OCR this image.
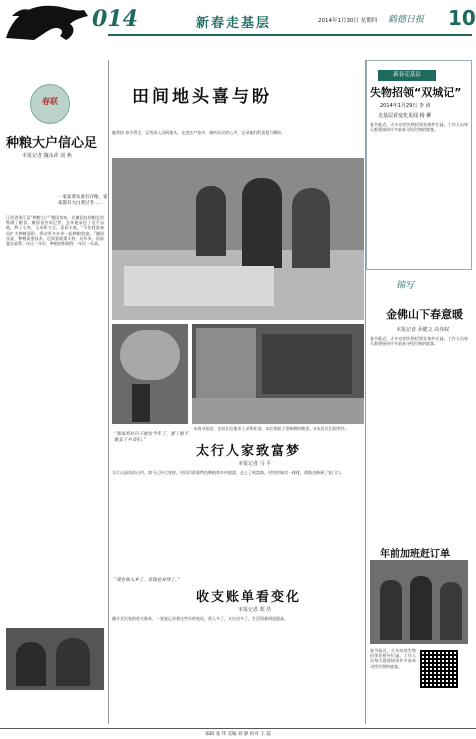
014	新春走基层	2014年1月30日 星期四 鹤德日报 10
春联
种粮大户信心足
本报记者 魏永祥 刘 燕
一家家菜农备有存粮，家家都有大白菜过冬……
江西省余江县“种粮大户”谢国良家，在谢国良的粮仓里堆满了粮食。谢国良告诉记者，去年他承包了近千亩地，种了小麦、玉米和大豆，喜获丰收。“今年我准备再扩大种植面积，带动更多乡亲一起种粮致富。”谢国良说，种粮需要技术，也需要政策支持。近年来，国家惠农政策一年比一年好，种粮的积极性一年比一年高。
田间地头喜与盼
编者按 春节将至，记者深入田间地头，走进农户家中，倾听农民的心声，记录他们的喜悦与期盼。
①春节临近，农民们在集市上采购年货。②农家院子里晾晒的粮食。③农民在田间劳作。
“我家有好日子就在今年了，富了就不能忘了乡亲们。”
太行人家致富梦
本报记者 马 平
太行山深处的山村，如今已经大变样。村民们依靠特色种植和乡村旅游，走上了致富路。村里的新房一排排，道路也修到了家门口。
“现在收入多了，花钱也舍得了。”
收支账单看变化
本报记者 郑 浩
翻开农民家的收支账本，一笔笔记录着这些年的变化。收入多了，支出也多了，生活质量明显提高。
新春走基层
失物招领“双城记”
2014年1月29日 李 涛
走基层看变化见闻 杨 柳
春节临近，火车站的失物招领处格外忙碌。工作人员每天都要接待许多前来寻找失物的旅客。
锦写
金佛山下春意暖
本报记者 乔健文 高伟权
春节临近，火车站的失物招领处格外忙碌。工作人员每天都要接待许多前来寻找失物的旅客。
年前加班赶订单
春节临近，火车站的失物招领处格外忙碌。工作人员每天都要接待许多前来寻找失物的旅客。
编辑 张 伟 美编 刘 静 校对 王 磊
